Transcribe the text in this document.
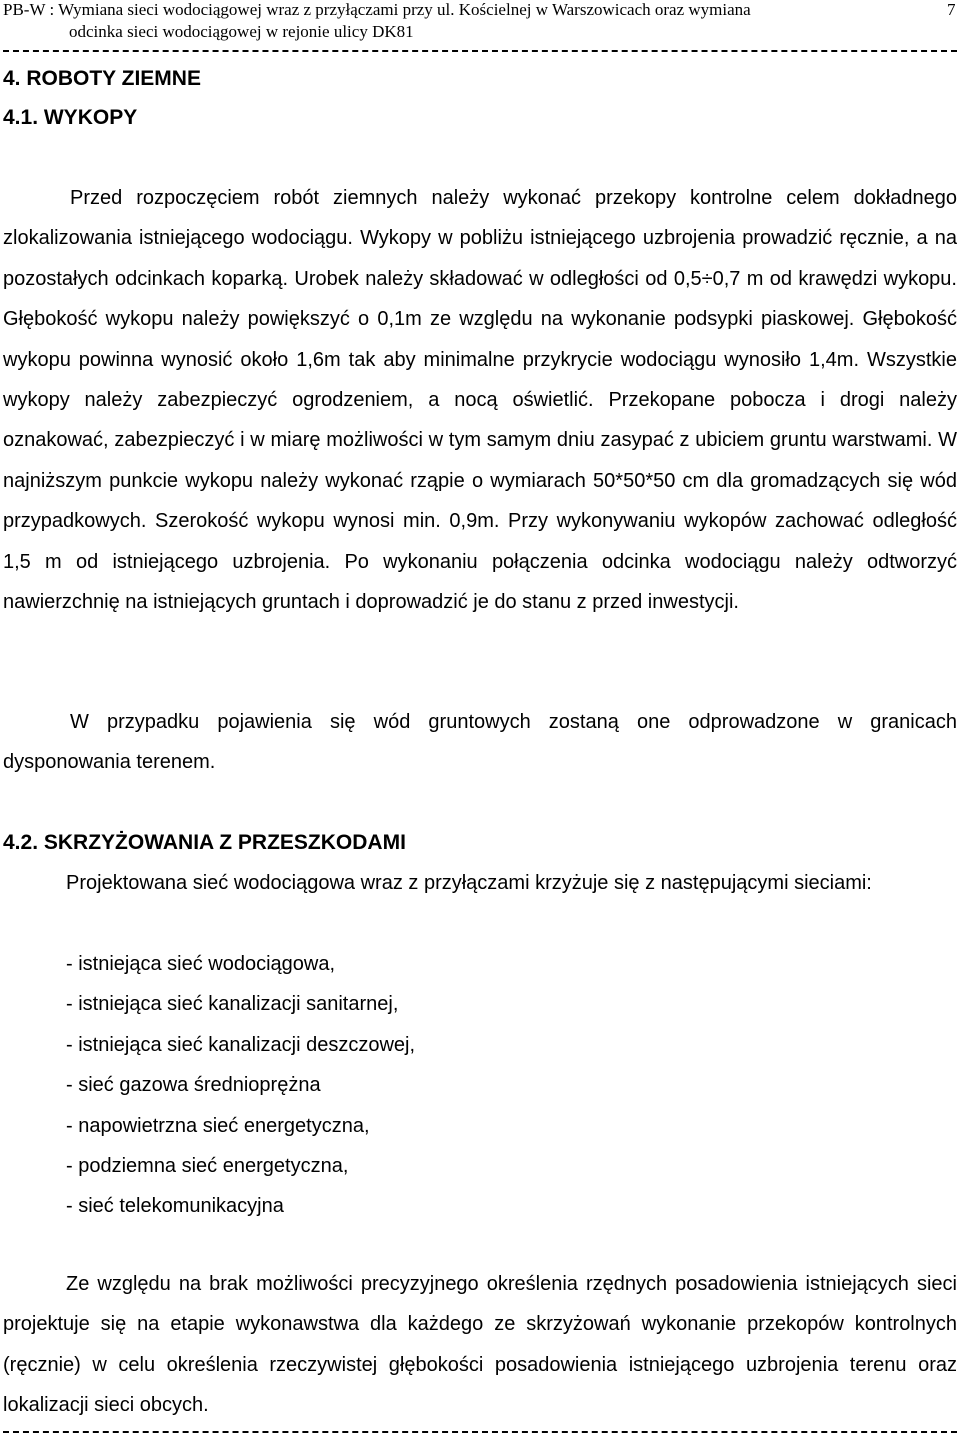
PB-W : Wymiana sieci wodociągowej wraz z przyłączami przy ul. Kościelnej w Warszowicach oraz wymiana
odcinka sieci wodociągowej w rejonie ulicy DK81
7
4. ROBOTY ZIEMNE
4.1. WYKOPY
Przed rozpoczęciem robót ziemnych należy wykonać przekopy kontrolne celem dokładnego zlokalizowania istniejącego wodociągu. Wykopy w pobliżu istniejącego uzbrojenia prowadzić ręcznie, a na pozostałych odcinkach koparką. Urobek należy składować w odległości od 0,5÷0,7 m od krawędzi wykopu. Głębokość wykopu należy powiększyć o 0,1m ze względu na wykonanie podsypki piaskowej. Głębokość wykopu powinna wynosić około 1,6m tak aby minimalne przykrycie wodociągu wynosiło 1,4m. Wszystkie wykopy należy zabezpieczyć ogrodzeniem, a nocą oświetlić. Przekopane pobocza i drogi należy oznakować, zabezpieczyć i w miarę możliwości w tym samym dniu zasypać z ubiciem gruntu warstwami. W najniższym punkcie wykopu należy wykonać rząpie o wymiarach 50*50*50 cm dla gromadzących się wód przypadkowych. Szerokość wykopu wynosi min. 0,9m. Przy wykonywaniu wykopów zachować odległość 1,5 m od istniejącego uzbrojenia. Po wykonaniu połączenia odcinka wodociągu należy odtworzyć nawierzchnię na istniejących gruntach i doprowadzić je do stanu z przed inwestycji.
W przypadku pojawienia się wód gruntowych zostaną one odprowadzone w granicach dysponowania terenem.
4.2. SKRZYŻOWANIA Z PRZESZKODAMI
Projektowana sieć wodociągowa wraz z przyłączami krzyżuje się z następującymi sieciami:
- istniejąca sieć wodociągowa,
- istniejąca sieć kanalizacji sanitarnej,
- istniejąca sieć kanalizacji deszczowej,
- sieć gazowa średnioprężna
- napowietrzna sieć energetyczna,
- podziemna sieć energetyczna,
- sieć telekomunikacyjna
Ze względu na brak możliwości precyzyjnego określenia rzędnych posadowienia istniejących sieci projektuje się na etapie wykonawstwa dla każdego ze skrzyżowań wykonanie przekopów kontrolnych (ręcznie) w celu określenia rzeczywistej głębokości posadowienia istniejącego uzbrojenia terenu oraz lokalizacji sieci obcych.
